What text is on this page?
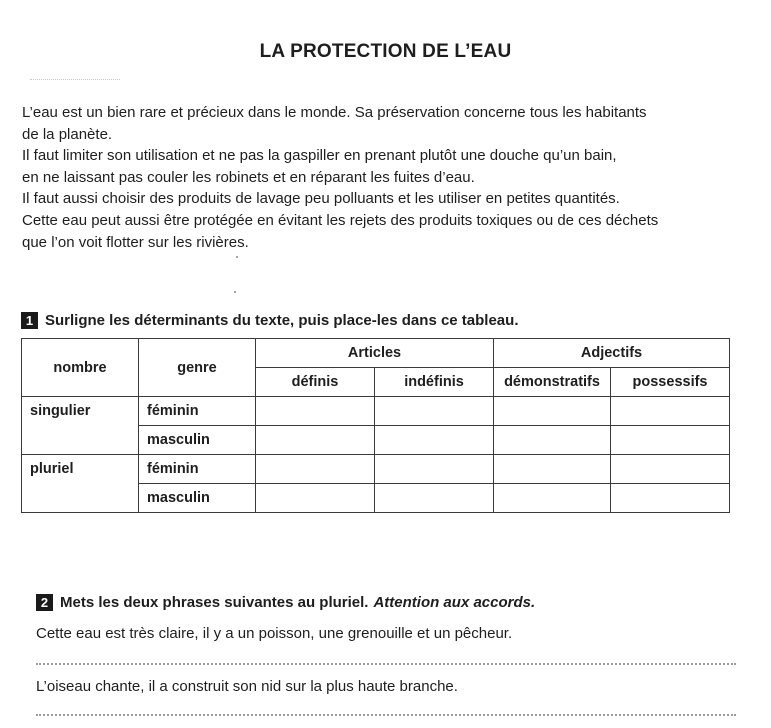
LA PROTECTION DE L’EAU
L’eau est un bien rare et précieux dans le monde. Sa préservation concerne tous les habitants
de la planète.
Il faut limiter son utilisation et ne pas la gaspiller en prenant plutôt une douche qu’un bain,
en ne laissant pas couler les robinets et en réparant les fuites d’eau.
Il faut aussi choisir des produits de lavage peu polluants et les utiliser en petites quantités.
Cette eau peut aussi être protégée en évitant les rejets des produits toxiques ou de ces déchets
que l’on voit flotter sur les rivières.
1 Surligne les déterminants du texte, puis place-les dans ce tableau.
nombre	genre	Articles		Adjectifs	
		définis	indéfinis	démonstratifs	possessifs
singulier	féminin				
	masculin				
pluriel	féminin				
	masculin				
2 Mets les deux phrases suivantes au pluriel. Attention aux accords.
Cette eau est très claire, il y a un poisson, une grenouille et un pêcheur.
L’oiseau chante, il a construit son nid sur la plus haute branche.
